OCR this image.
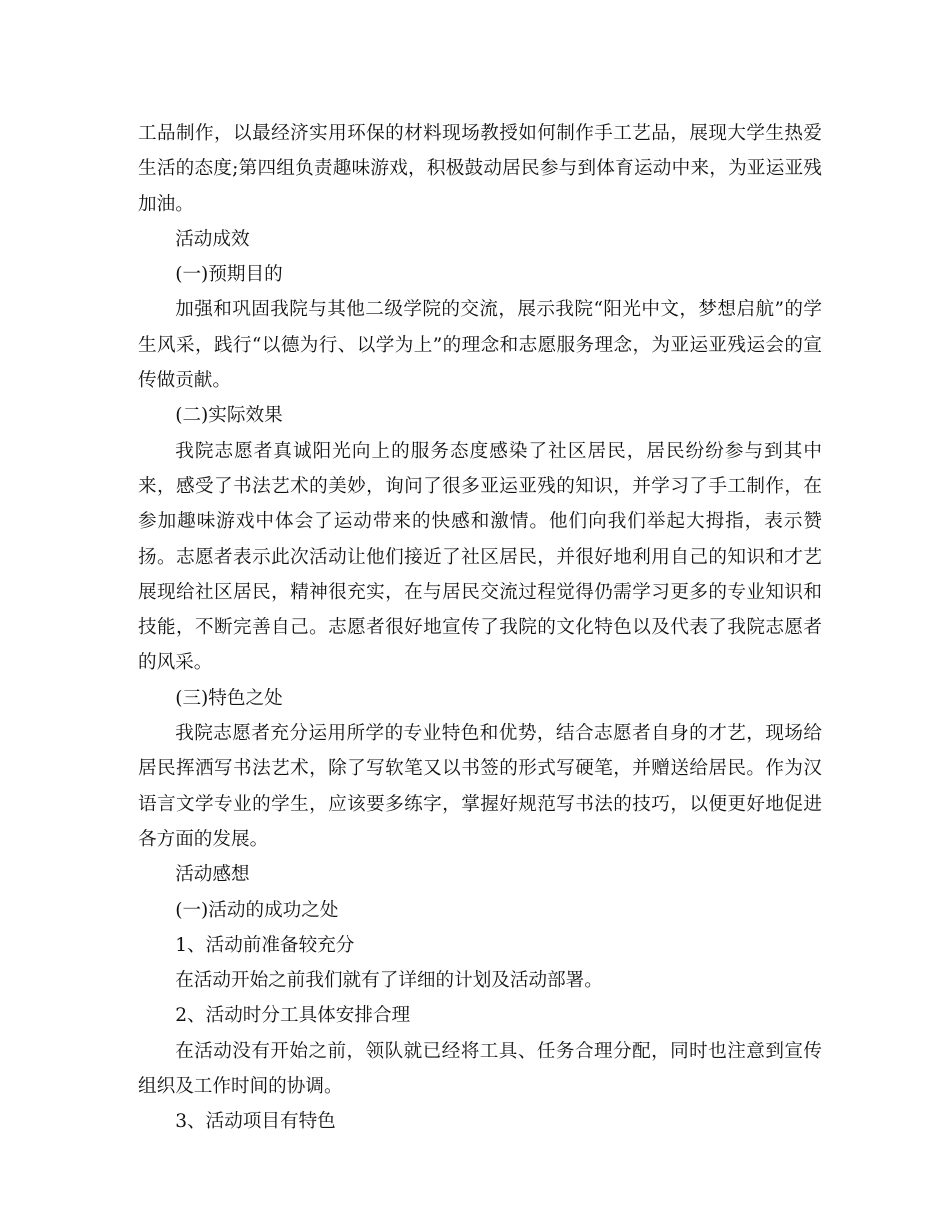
工品制作，以最经济实用环保的材料现场教授如何制作手工艺品，展现大学生热爱生活的态度;第四组负责趣味游戏，积极鼓动居民参与到体育运动中来，为亚运亚残加油。

活动成效

(一)预期目的

加强和巩固我院与其他二级学院的交流，展示我院“阳光中文，梦想启航”的学生风采，践行“以德为行、以学为上”的理念和志愿服务理念，为亚运亚残运会的宣传做贡献。

(二)实际效果

我院志愿者真诚阳光向上的服务态度感染了社区居民，居民纷纷参与到其中来，感受了书法艺术的美妙，询问了很多亚运亚残的知识，并学习了手工制作，在参加趣味游戏中体会了运动带来的快感和激情。他们向我们举起大拇指，表示赞扬。志愿者表示此次活动让他们接近了社区居民，并很好地利用自己的知识和才艺展现给社区居民，精神很充实，在与居民交流过程觉得仍需学习更多的专业知识和技能，不断完善自己。志愿者很好地宣传了我院的文化特色以及代表了我院志愿者的风采。

(三)特色之处

我院志愿者充分运用所学的专业特色和优势，结合志愿者自身的才艺，现场给居民挥洒写书法艺术，除了写软笔又以书签的形式写硬笔，并赠送给居民。作为汉语言文学专业的学生，应该要多练字，掌握好规范写书法的技巧，以便更好地促进各方面的发展。

活动感想

(一)活动的成功之处

1、活动前准备较充分

在活动开始之前我们就有了详细的计划及活动部署。

2、活动时分工具体安排合理

在活动没有开始之前，领队就已经将工具、任务合理分配，同时也注意到宣传组织及工作时间的协调。

3、活动项目有特色
